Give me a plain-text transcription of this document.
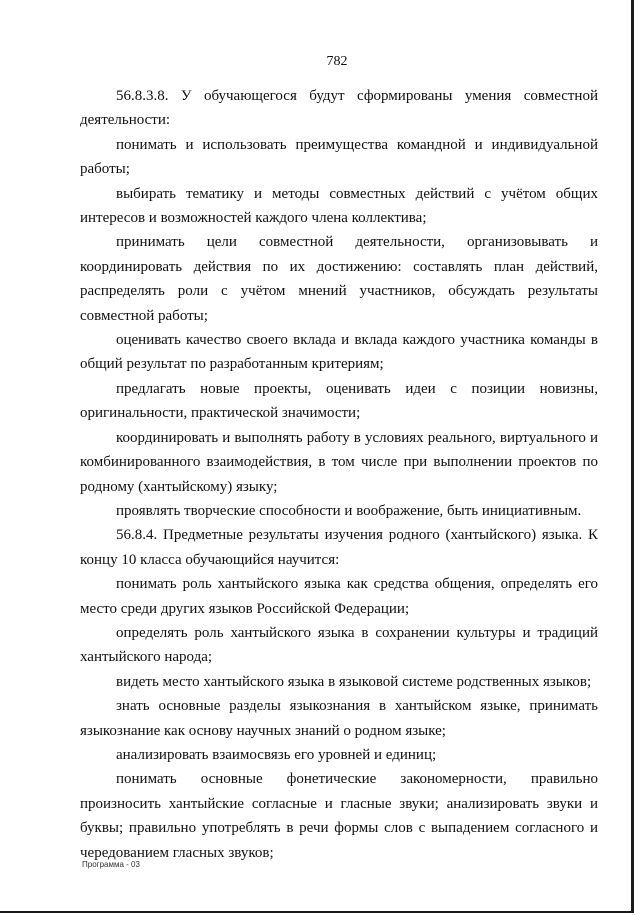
782

56.8.3.8. У обучающегося будут сформированы умения совместной деятельности:

понимать и использовать преимущества командной и индивидуальной работы;

выбирать тематику и методы совместных действий с учётом общих интересов и возможностей каждого члена коллектива;

принимать цели совместной деятельности, организовывать и координировать действия по их достижению: составлять план действий, распределять роли с учётом мнений участников, обсуждать результаты совместной работы;

оценивать качество своего вклада и вклада каждого участника команды в общий результат по разработанным критериям;

предлагать новые проекты, оценивать идеи с позиции новизны, оригинальности, практической значимости;

координировать и выполнять работу в условиях реального, виртуального и комбинированного взаимодействия, в том числе при выполнении проектов по родному (хантыйскому) языку;

проявлять творческие способности и воображение, быть инициативным.

56.8.4. Предметные результаты изучения родного (хантыйского) языка. К концу 10 класса обучающийся научится:

понимать роль хантыйского языка как средства общения, определять его место среди других языков Российской Федерации;

определять роль хантыйского языка в сохранении культуры и традиций хантыйского народа;

видеть место хантыйского языка в языковой системе родственных языков;

знать основные разделы языкознания в хантыйском языке, принимать языкознание как основу научных знаний о родном языке;

анализировать взаимосвязь его уровней и единиц;

понимать основные фонетические закономерности, правильно произносить хантыйские согласные и гласные звуки; анализировать звуки и буквы; правильно употреблять в речи формы слов с выпадением согласного и чередованием гласных звуков;

Программа - 03
